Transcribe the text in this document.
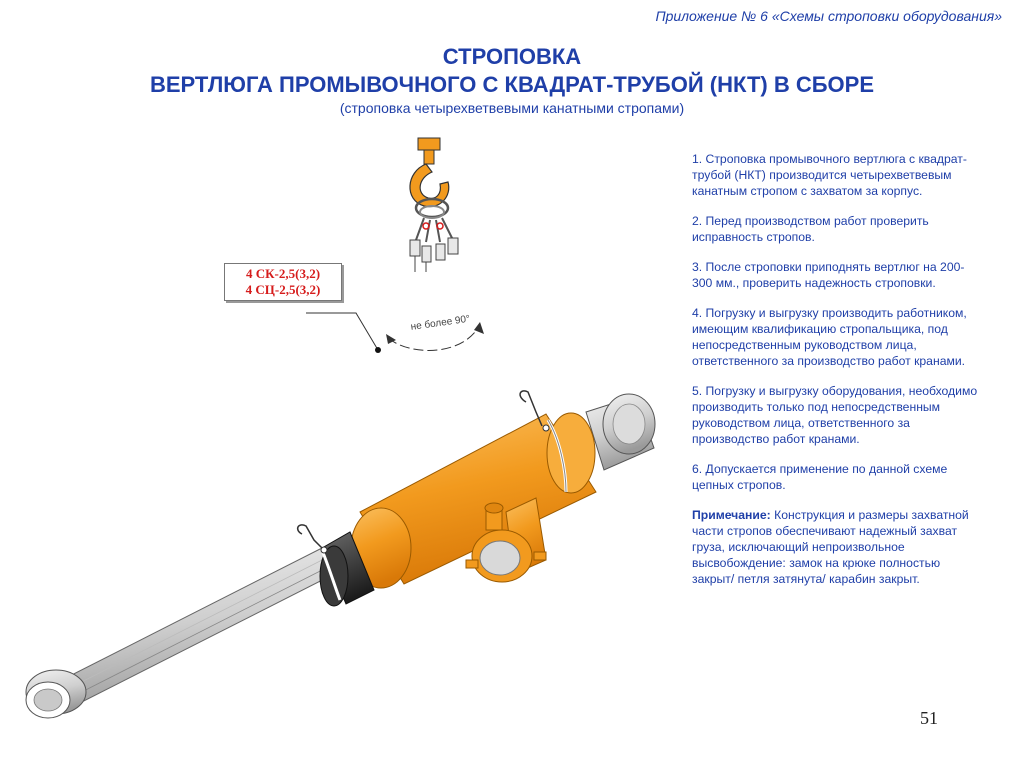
Приложение № 6 «Схемы строповки оборудования»
СТРОПОВКА
ВЕРТЛЮГА ПРОМЫВОЧНОГО С КВАДРАТ-ТРУБОЙ (НКТ) В СБОРЕ
(строповка четырехветвевыми канатными стропами)
4 СК-2,5(3,2)
4 СЦ-2,5(3,2)
не более 90°

1. Строповка промывочного вертлюга с квадрат-трубой (НКТ) производится четырехветвевым канатным стропом с захватом за корпус.

2. Перед производством работ проверить исправность стропов.

3. После строповки приподнять вертлюг на 200-300 мм., проверить надежность строповки.

4. Погрузку и выгрузку производить работником, имеющим квалификацию стропальщика, под непосредственным руководством лица, ответственного за производство работ кранами.

5. Погрузку и выгрузку оборудования, необходимо производить только под непосредственным руководством лица, ответственного за производство работ кранами.

6. Допускается применение по данной схеме цепных стропов.

Примечание: Конструкция и размеры захватной части стропов обеспечивают надежный захват груза, исключающий непроизвольное высвобождение: замок на крюке полностью закрыт/ петля затянута/ карабин закрыт.

51
